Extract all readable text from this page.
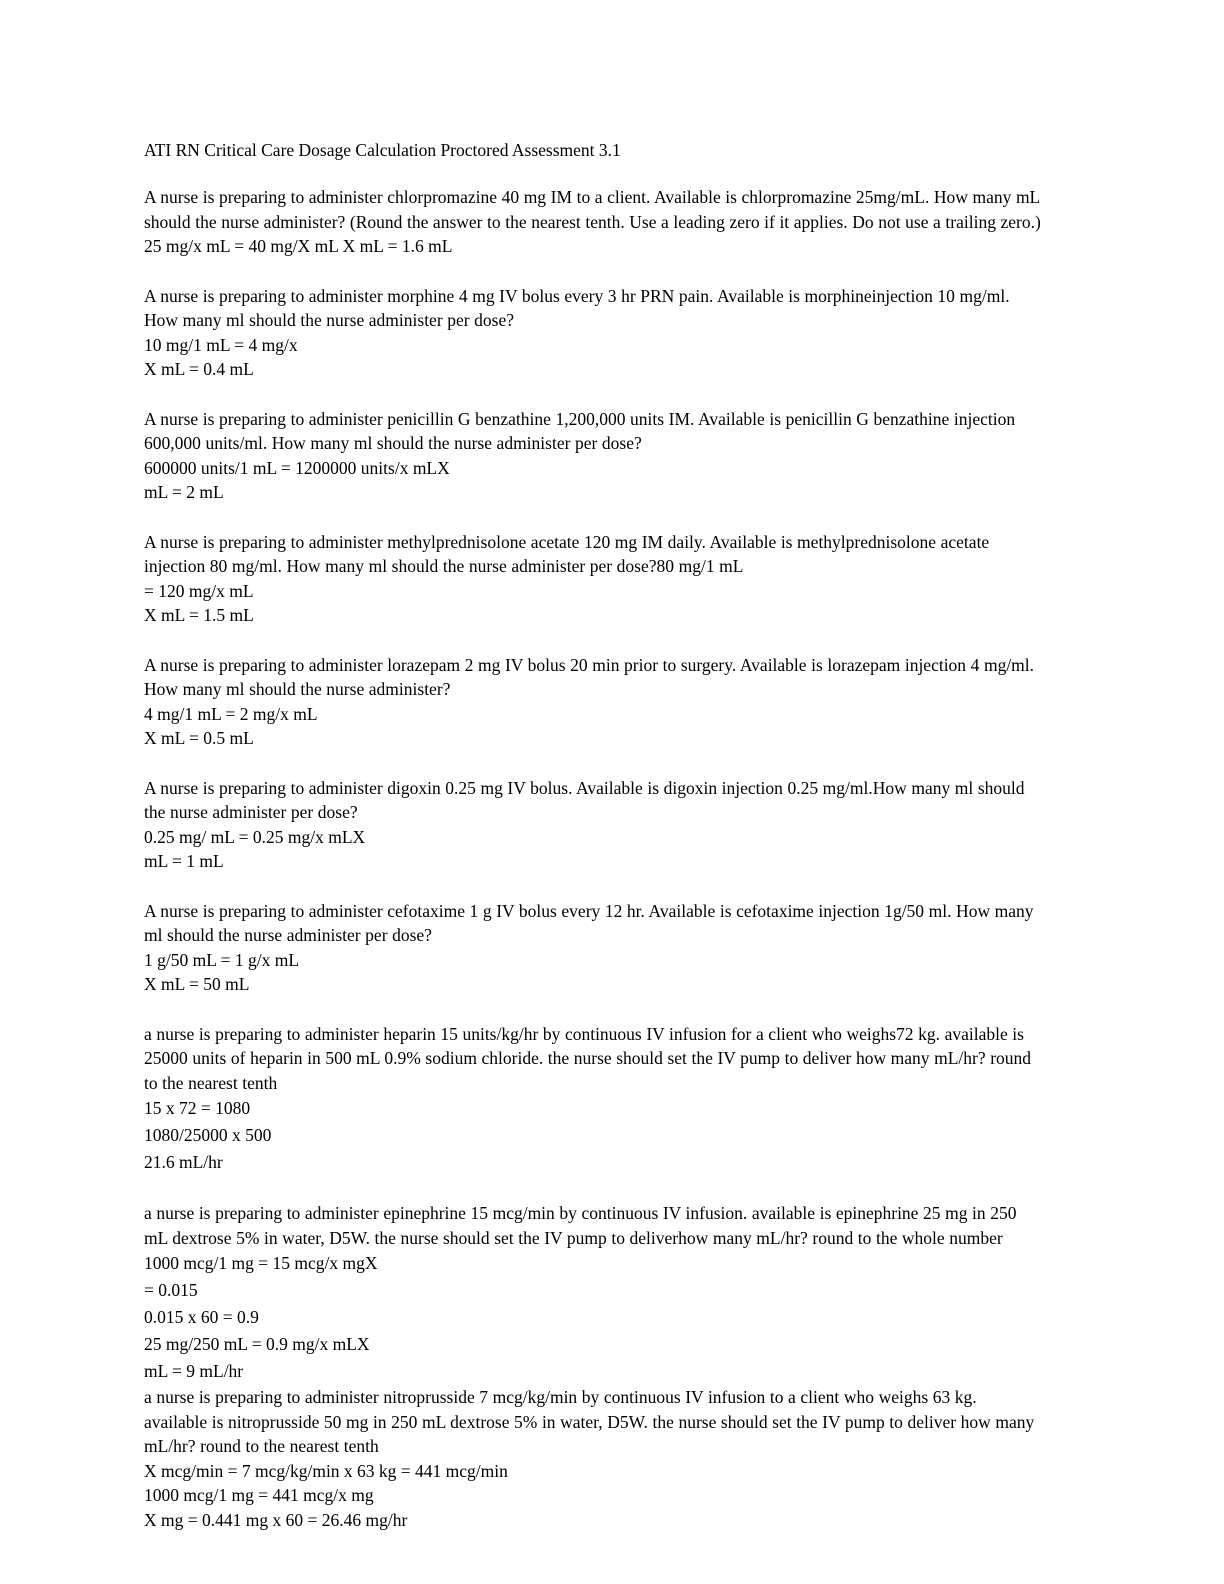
ATI RN Critical Care Dosage Calculation Proctored Assessment 3.1

A nurse is preparing to administer chlorpromazine 40 mg IM to a client. Available is chlorpromazine 25mg/mL. How many mL should the nurse administer? (Round the answer to the nearest tenth. Use a leading zero if it applies. Do not use a trailing zero.)

25 mg/x mL = 40 mg/X mL X mL = 1.6 mL

A nurse is preparing to administer morphine 4 mg IV bolus every 3 hr PRN pain. Available is morphineinjection 10 mg/ml. How many ml should the nurse administer per dose?

10 mg/1 mL = 4 mg/x

X mL = 0.4 mL

A nurse is preparing to administer penicillin G benzathine 1,200,000 units IM. Available is penicillin G benzathine injection 600,000 units/ml. How many ml should the nurse administer per dose?

600000 units/1 mL = 1200000 units/x mLX

mL = 2 mL

A nurse is preparing to administer methylprednisolone acetate 120 mg IM daily. Available is methylprednisolone acetate injection 80 mg/ml. How many ml should the nurse administer per dose?80 mg/1 mL

= 120 mg/x mL

X mL = 1.5 mL

A nurse is preparing to administer lorazepam 2 mg IV bolus 20 min prior to surgery. Available is lorazepam injection 4 mg/ml. How many ml should the nurse administer?

4 mg/1 mL = 2 mg/x mL

X mL = 0.5 mL

A nurse is preparing to administer digoxin 0.25 mg IV bolus. Available is digoxin injection 0.25 mg/ml.How many ml should the nurse administer per dose?

0.25 mg/ mL = 0.25 mg/x mLX

mL = 1 mL

A nurse is preparing to administer cefotaxime 1 g IV bolus every 12 hr. Available is cefotaxime injection 1g/50 ml. How many ml should the nurse administer per dose?

1 g/50 mL = 1 g/x mL

X mL = 50 mL

a nurse is preparing to administer heparin 15 units/kg/hr by continuous IV infusion for a client who weighs72 kg. available is 25000 units of heparin in 500 mL 0.9% sodium chloride. the nurse should set the IV pump to deliver how many mL/hr? round to the nearest tenth

15 x 72 = 1080

1080/25000 x 500

21.6 mL/hr

a nurse is preparing to administer epinephrine 15 mcg/min by continuous IV infusion. available is epinephrine 25 mg in 250 mL dextrose 5% in water, D5W. the nurse should set the IV pump to deliverhow many mL/hr? round to the whole number

1000 mcg/1 mg = 15 mcg/x mgX

= 0.015

0.015 x 60 = 0.9

25 mg/250 mL = 0.9 mg/x mLX

mL = 9 mL/hr

a nurse is preparing to administer nitroprusside 7 mcg/kg/min by continuous IV infusion to a client who weighs 63 kg. available is nitroprusside 50 mg in 250 mL dextrose 5% in water, D5W. the nurse should set the IV pump to deliver how many mL/hr? round to the nearest tenth

X mcg/min = 7 mcg/kg/min x 63 kg = 441 mcg/min

1000 mcg/1 mg = 441 mcg/x mg

X mg = 0.441 mg x 60 = 26.46 mg/hr
